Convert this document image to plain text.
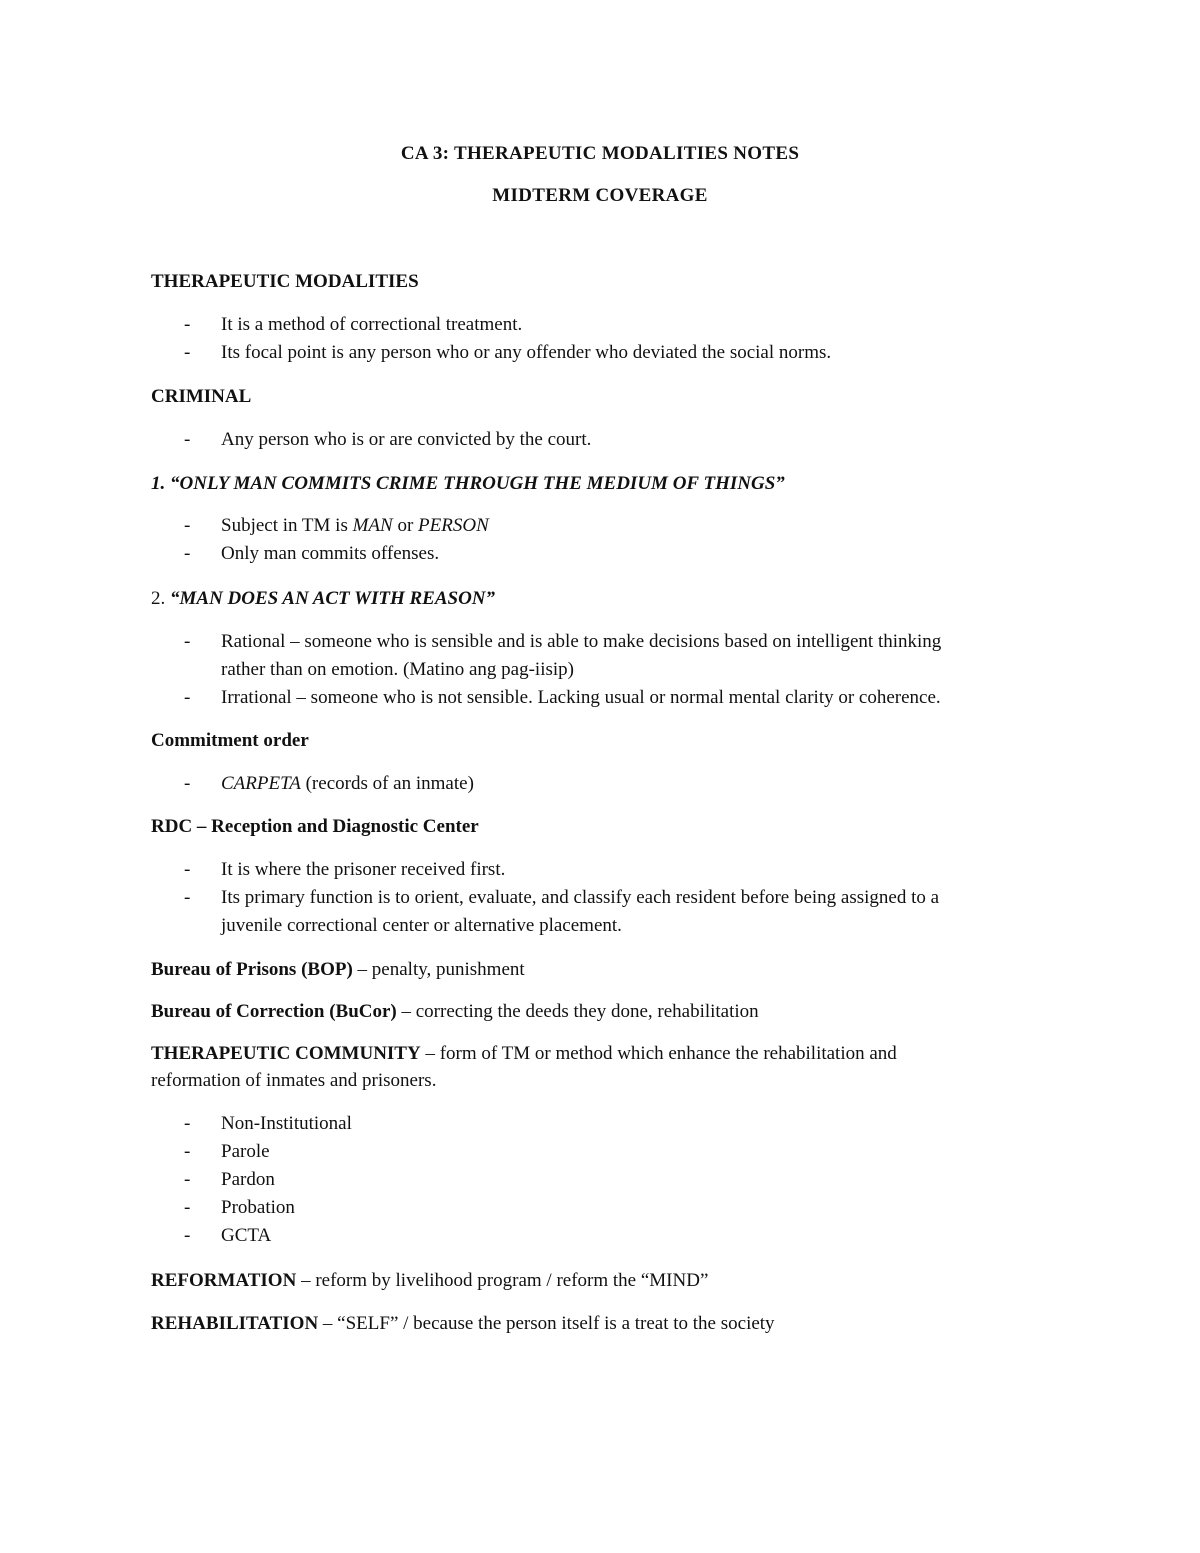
CA 3: THERAPEUTIC MODALITIES NOTES
MIDTERM COVERAGE
THERAPEUTIC MODALITIES
- It is a method of correctional treatment.
- Its focal point is any person who or any offender who deviated the social norms.
CRIMINAL
- Any person who is or are convicted by the court.
1. “ONLY MAN COMMITS CRIME THROUGH THE MEDIUM OF THINGS”
- Subject in TM is MAN or PERSON
- Only man commits offenses.
2. “MAN DOES AN ACT WITH REASON”
- Rational – someone who is sensible and is able to make decisions based on intelligent thinking
rather than on emotion. (Matino ang pag-iisip)
- Irrational – someone who is not sensible. Lacking usual or normal mental clarity or coherence.
Commitment order
- CARPETA (records of an inmate)
RDC – Reception and Diagnostic Center
- It is where the prisoner received first.
- Its primary function is to orient, evaluate, and classify each resident before being assigned to a
juvenile correctional center or alternative placement.
Bureau of Prisons (BOP) – penalty, punishment
Bureau of Correction (BuCor) – correcting the deeds they done, rehabilitation
THERAPEUTIC COMMUNITY – form of TM or method which enhance the rehabilitation and
reformation of inmates and prisoners.
- Non-Institutional
- Parole
- Pardon
- Probation
- GCTA
REFORMATION – reform by livelihood program / reform the “MIND”
REHABILITATION – “SELF” / because the person itself is a treat to the society
